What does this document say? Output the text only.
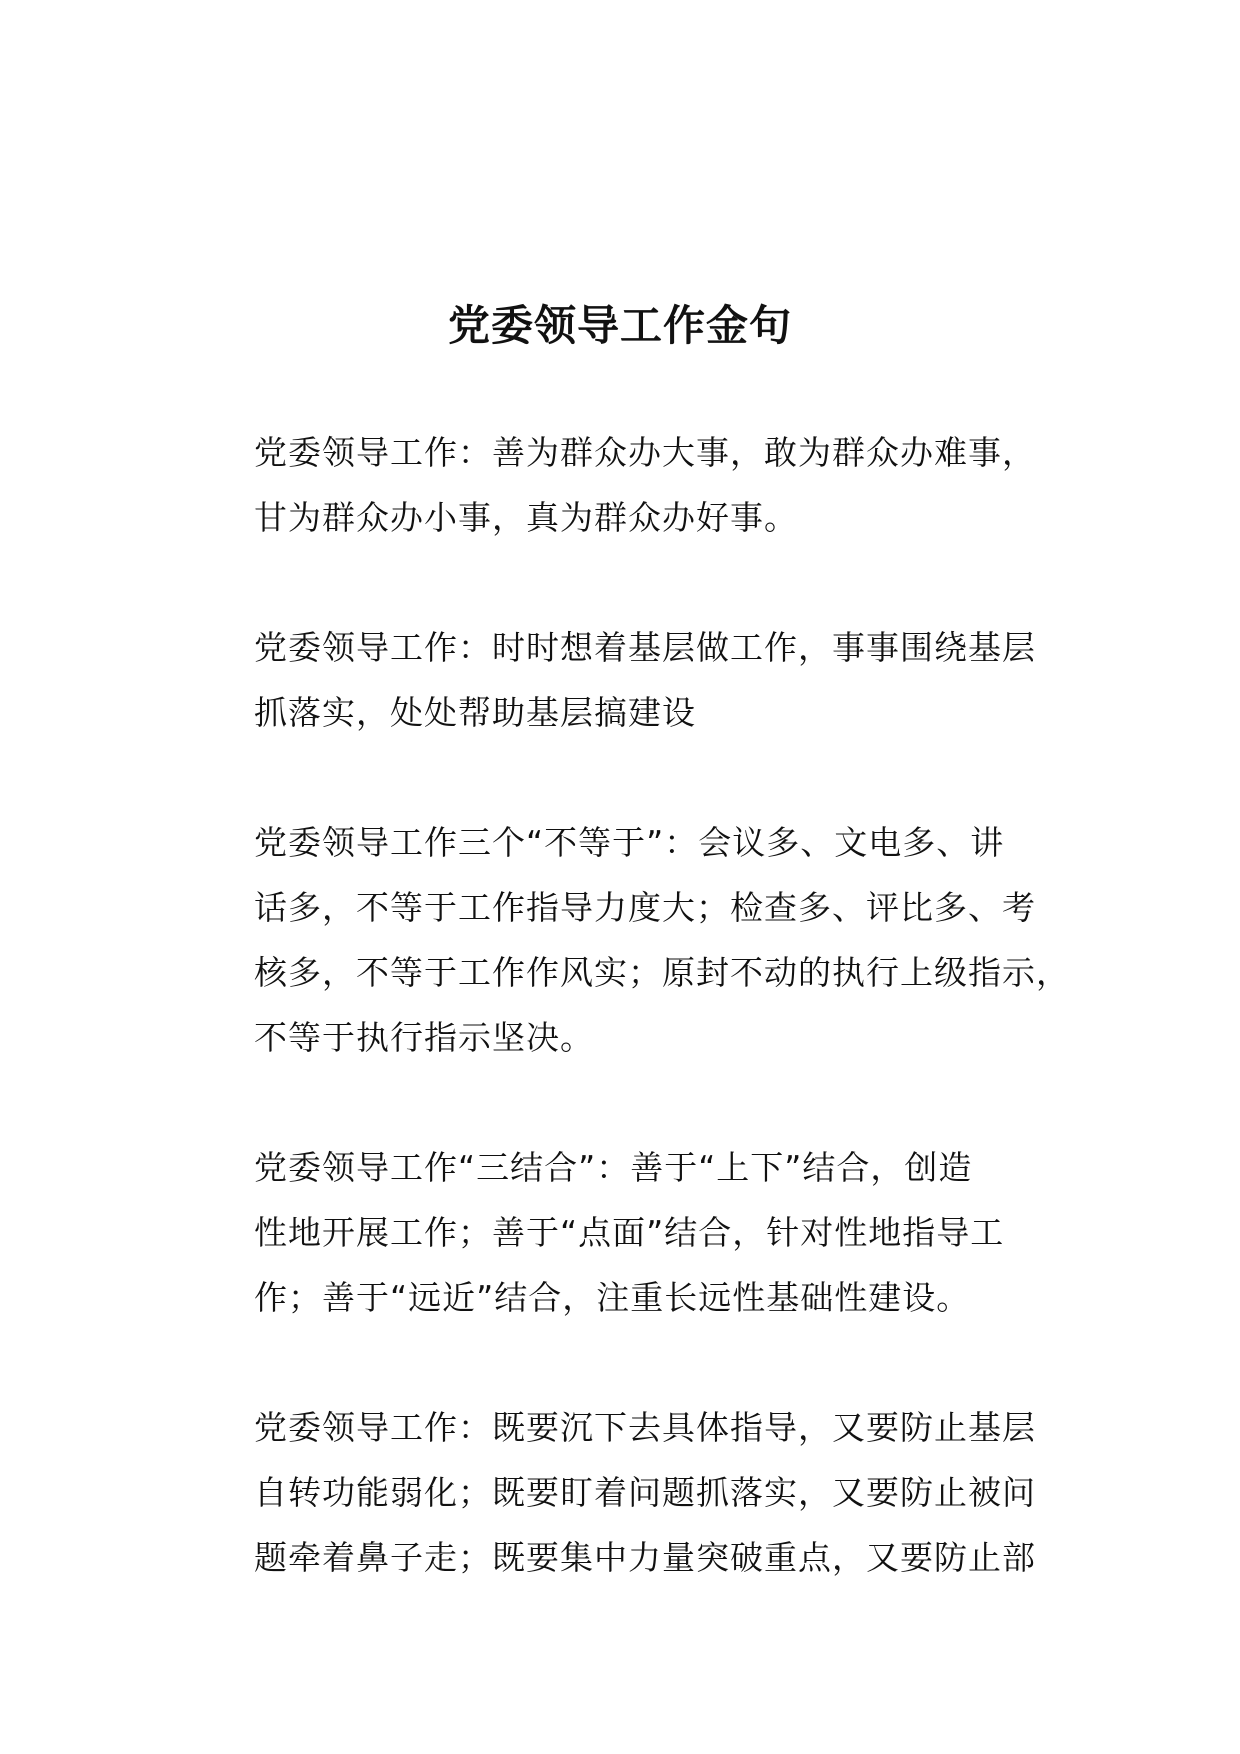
党委领导工作金句

党委领导工作：善为群众办大事，敢为群众办难事，
甘为群众办小事，真为群众办好事。

党委领导工作：时时想着基层做工作，事事围绕基层
抓落实，处处帮助基层搞建设

党委领导工作三个“不等于”：会议多、文电多、讲
话多，不等于工作指导力度大；检查多、评比多、考
核多，不等于工作作风实；原封不动的执行上级指示，
不等于执行指示坚决。

党委领导工作“三结合”：善于“上下”结合，创造
性地开展工作；善于“点面”结合，针对性地指导工
作；善于“远近”结合，注重长远性基础性建设。

党委领导工作：既要沉下去具体指导，又要防止基层
自转功能弱化；既要盯着问题抓落实，又要防止被问
题牵着鼻子走；既要集中力量突破重点，又要防止部
